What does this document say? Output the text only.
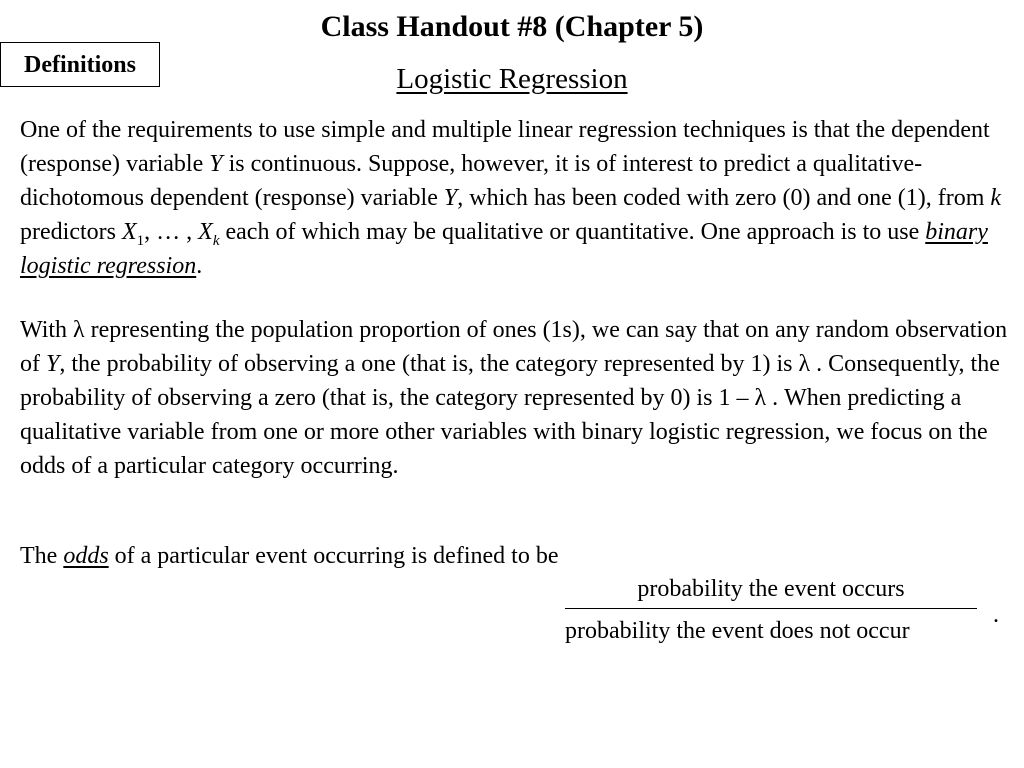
Class Handout #8 (Chapter 5)
Definitions	Logistic Regression

One of the requirements to use simple and multiple linear regression techniques is that the dependent (response) variable Y is continuous. Suppose, however, it is of interest to predict a qualitative-dichotomous dependent (response) variable Y, which has been coded with zero (0) and one (1), from k predictors $X_1$, … , $X_k$ each of which may be qualitative or quantitative. One approach is to use binary logistic regression.

With λ representing the population proportion of ones (1s), we can say that on any random observation of Y, the probability of observing a one (that is, the category represented by 1) is λ . Consequently, the probability of observing a zero (that is, the category represented by 0) is 1 – λ . When predicting a qualitative variable from one or more other variables with binary logistic regression, we focus on the odds of a particular category occurring.

The odds of a particular event occurring is defined to be

probability the event occurs
probability the event does not occur
.
